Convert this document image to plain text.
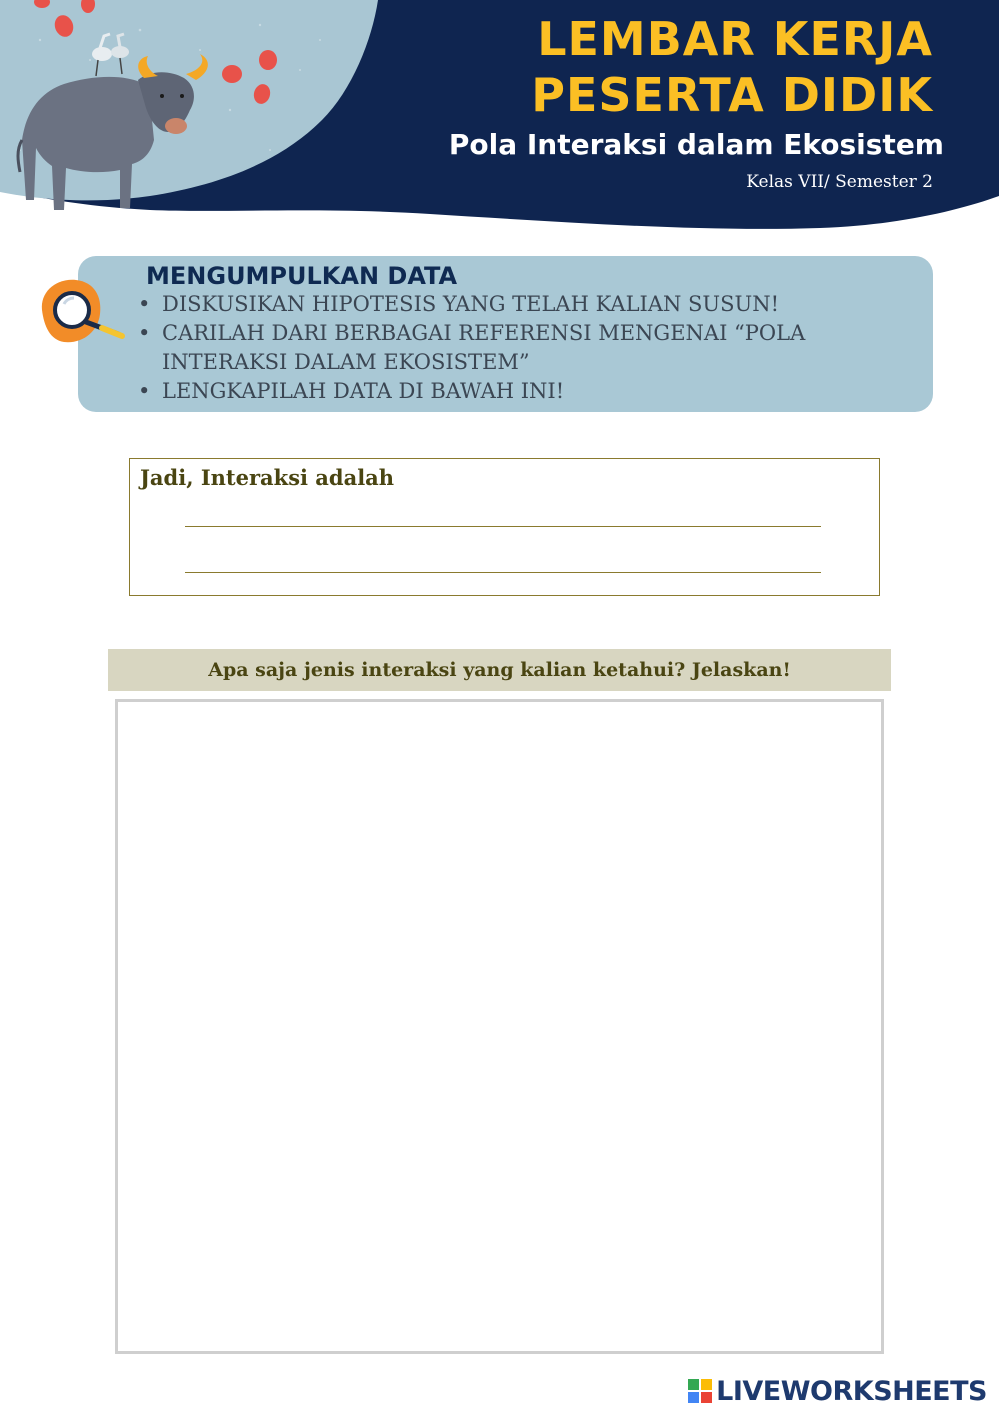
LEMBAR KERJA
PESERTA DIDIK
Pola Interaksi dalam Ekosistem
Kelas VII/ Semester 2
MENGUMPULKAN DATA
• DISKUSIKAN HIPOTESIS YANG TELAH KALIAN SUSUN!
• CARILAH DARI BERBAGAI REFERENSI MENGENAI “POLA INTERAKSI DALAM EKOSISTEM”
• LENGKAPILAH DATA DI BAWAH INI!
Jadi, Interaksi adalah
Apa saja jenis interaksi yang kalian ketahui? Jelaskan!
LIVEWORKSHEETS
